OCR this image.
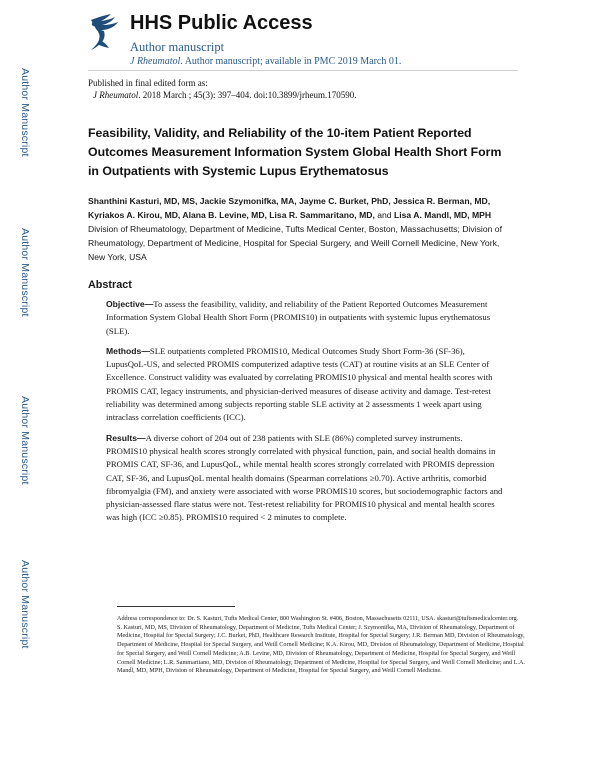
Author Manuscript
Author Manuscript
Author Manuscript
Author Manuscript
HHS Public Access
Author manuscript
J Rheumatol. Author manuscript; available in PMC 2019 March 01.
Published in final edited form as:
J Rheumatol. 2018 March ; 45(3): 397–404. doi:10.3899/jrheum.170590.
Feasibility, Validity, and Reliability of the 10-item Patient Reported Outcomes Measurement Information System Global Health Short Form in Outpatients with Systemic Lupus Erythematosus
Shanthini Kasturi, MD, MS, Jackie Szymonifka, MA, Jayme C. Burket, PhD, Jessica R. Berman, MD, Kyriakos A. Kirou, MD, Alana B. Levine, MD, Lisa R. Sammaritano, MD, and Lisa A. Mandl, MD, MPH
Division of Rheumatology, Department of Medicine, Tufts Medical Center, Boston, Massachusetts; Division of Rheumatology, Department of Medicine, Hospital for Special Surgery, and Weill Cornell Medicine, New York, New York, USA
Abstract
Objective—To assess the feasibility, validity, and reliability of the Patient Reported Outcomes Measurement Information System Global Health Short Form (PROMIS10) in outpatients with systemic lupus erythematosus (SLE).
Methods—SLE outpatients completed PROMIS10, Medical Outcomes Study Short Form-36 (SF-36), LupusQoL-US, and selected PROMIS computerized adaptive tests (CAT) at routine visits at an SLE Center of Excellence. Construct validity was evaluated by correlating PROMIS10 physical and mental health scores with PROMIS CAT, legacy instruments, and physician-derived measures of disease activity and damage. Test-retest reliability was determined among subjects reporting stable SLE activity at 2 assessments 1 week apart using intraclass correlation coefficients (ICC).
Results—A diverse cohort of 204 out of 238 patients with SLE (86%) completed survey instruments. PROMIS10 physical health scores strongly correlated with physical function, pain, and social health domains in PROMIS CAT, SF-36, and LupusQoL, while mental health scores strongly correlated with PROMIS depression CAT, SF-36, and LupusQoL mental health domains (Spearman correlations ≥0.70). Active arthritis, comorbid fibromyalgia (FM), and anxiety were associated with worse PROMIS10 scores, but sociodemographic factors and physician-assessed flare status were not. Test-retest reliability for PROMIS10 physical and mental health scores was high (ICC ≥0.85). PROMIS10 required < 2 minutes to complete.
Address correspondence to: Dr. S. Kasturi, Tufts Medical Center, 800 Washington St. #406, Boston, Massachusetts 02111, USA. skasturi@tuftsmedicalcenter.org.
S. Kasturi, MD, MS, Division of Rheumatology, Department of Medicine, Tufts Medical Center; J. Szymonifka, MA, Division of Rheumatology, Department of Medicine, Hospital for Special Surgery; J.C. Burket, PhD, Healthcare Research Institute, Hospital for Special Surgery; J.R. Berman MD, Division of Rheumatology, Department of Medicine, Hospital for Special Surgery, and Weill Cornell Medicine; K.A. Kirou, MD, Division of Rheumatology, Department of Medicine, Hospital for Special Surgery, and Weill Cornell Medicine; A.B. Levine, MD, Division of Rheumatology, Department of Medicine, Hospital for Special Surgery, and Weill Cornell Medicine; L.R. Sammaritano, MD, Division of Rheumatology, Department of Medicine, Hospital for Special Surgery, and Weill Cornell Medicine; and L.A. Mandl, MD, MPH, Division of Rheumatology, Department of Medicine, Hospital for Special Surgery, and Weill Cornell Medicine.
